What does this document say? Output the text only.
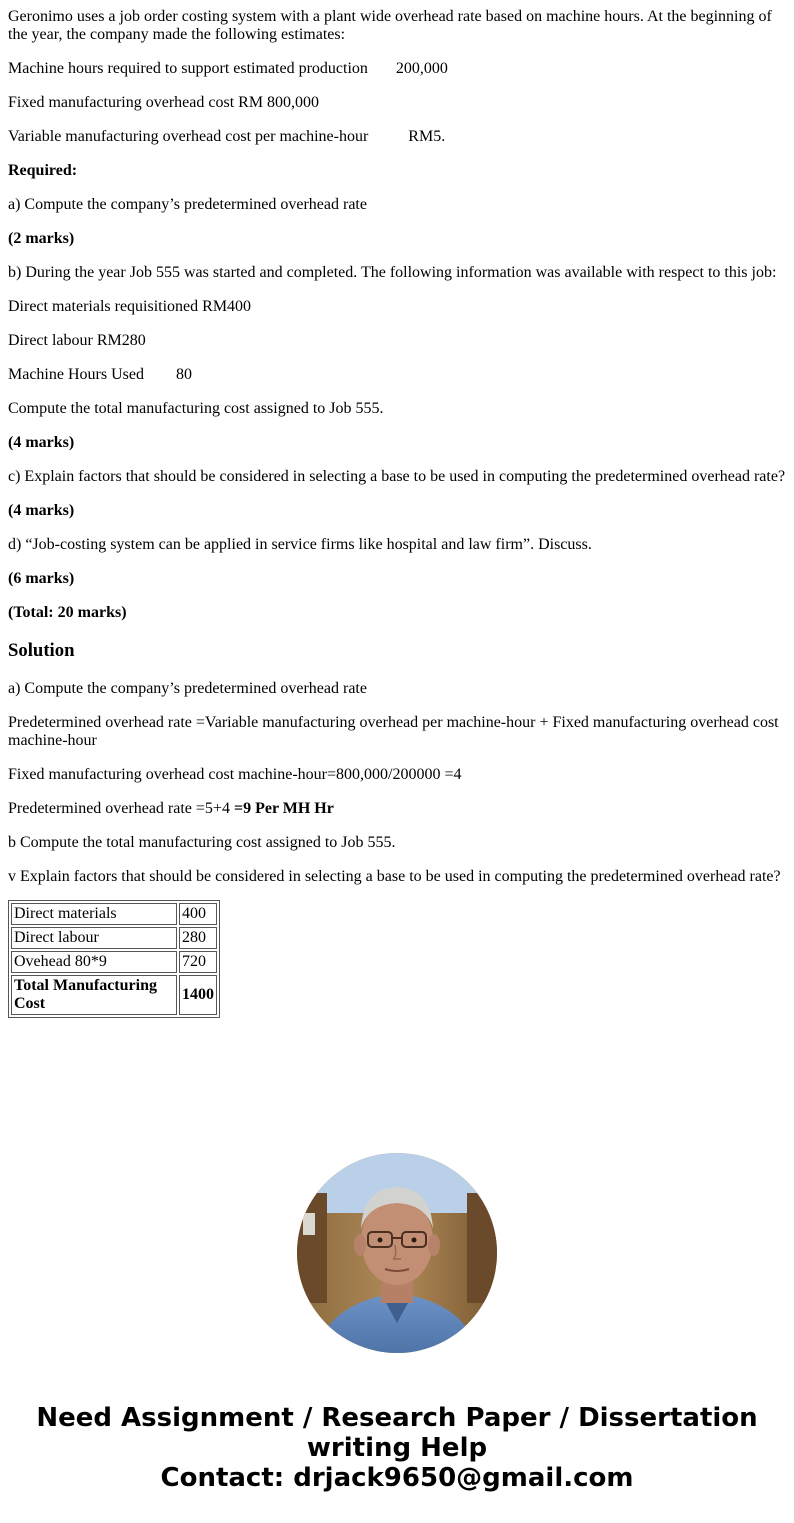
Geronimo uses a job order costing system with a plant wide overhead rate based on machine hours. At the beginning of the year, the company made the following estimates:

Machine hours required to support estimated production 200,000

Fixed manufacturing overhead cost RM 800,000

Variable manufacturing overhead cost per machine-hour	RM5.

Required:

a) Compute the company’s predetermined overhead rate

(2 marks)

b) During the year Job 555 was started and completed. The following information was available with respect to this job:

Direct materials requisitioned RM400

Direct labour RM280

Machine Hours Used 80

Compute the total manufacturing cost assigned to Job 555.

(4 marks)

c) Explain factors that should be considered in selecting a base to be used in computing the predetermined overhead rate?

(4 marks)

d) “Job-costing system can be applied in service firms like hospital and law firm”. Discuss.

(6 marks)

(Total: 20 marks)

Solution

a) Compute the company’s predetermined overhead rate

Predetermined overhead rate =Variable manufacturing overhead per machine-hour + Fixed manufacturing overhead cost machine-hour

Fixed manufacturing overhead cost machine-hour=800,000/200000 =4

Predetermined overhead rate =5+4 =9 Per MH Hr

b Compute the total manufacturing cost assigned to Job 555.

v Explain factors that should be considered in selecting a base to be used in computing the predetermined overhead rate?

Direct materials	400
Direct labour	280
Ovehead 80*9	720
Total Manufacturing Cost	1400
Need Assignment / Research Paper / Dissertation
writing Help
Contact: drjack9650@gmail.com
